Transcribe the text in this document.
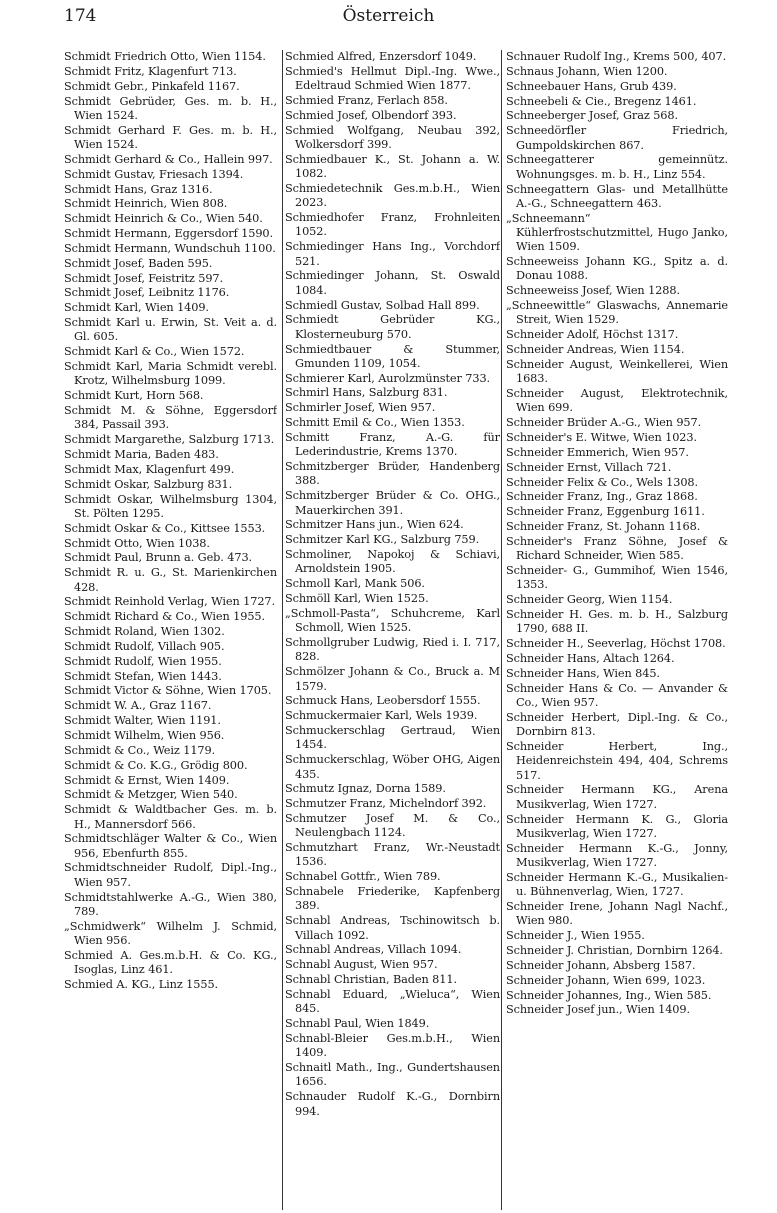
174	Österreich
Schmidt Friedrich Otto, Wien 1154.
Schmidt Fritz, Klagenfurt 713.
Schmidt Gebr., Pinkafeld 1167.
Schmidt Gebrüder, Ges. m. b. H., Wien 1524.
Schmidt Gerhard F. Ges. m. b. H., Wien 1524.
Schmidt Gerhard & Co., Hallein 997.
Schmidt Gustav, Friesach 1394.
Schmidt Hans, Graz 1316.
Schmidt Heinrich, Wien 808.
Schmidt Heinrich & Co., Wien 540.
Schmidt Hermann, Eggersdorf 1590.
Schmidt Hermann, Wundschuh 1100.
Schmidt Josef, Baden 595.
Schmidt Josef, Feistritz 597.
Schmidt Josef, Leibnitz 1176.
Schmidt Karl, Wien 1409.
Schmidt Karl u. Erwin, St. Veit a. d. Gl. 605.
Schmidt Karl & Co., Wien 1572.
Schmidt Karl, Maria Schmidt verebl. Krotz, Wilhelmsburg 1099.
Schmidt Kurt, Horn 568.
Schmidt M. & Söhne, Eggersdorf 384, Passail 393.
Schmidt Margarethe, Salzburg 1713.
Schmidt Maria, Baden 483.
Schmidt Max, Klagenfurt 499.
Schmidt Oskar, Salzburg 831.
Schmidt Oskar, Wilhelmsburg 1304, St. Pölten 1295.
Schmidt Oskar & Co., Kittsee 1553.
Schmidt Otto, Wien 1038.
Schmidt Paul, Brunn a. Geb. 473.
Schmidt R. u. G., St. Marienkirchen 428.
Schmidt Reinhold Verlag, Wien 1727.
Schmidt Richard & Co., Wien 1955.
Schmidt Roland, Wien 1302.
Schmidt Rudolf, Villach 905.
Schmidt Rudolf, Wien 1955.
Schmidt Stefan, Wien 1443.
Schmidt Victor & Söhne, Wien 1705.
Schmidt W. A., Graz 1167.
Schmidt Walter, Wien 1191.
Schmidt Wilhelm, Wien 956.
Schmidt & Co., Weiz 1179.
Schmidt & Co. K.G., Grödig 800.
Schmidt & Ernst, Wien 1409.
Schmidt & Metzger, Wien 540.
Schmidt & Waldtbacher Ges. m. b. H., Mannersdorf 566.
Schmidtschläger Walter & Co., Wien 956, Ebenfurth 855.
Schmidtschneider Rudolf, Dipl.-Ing., Wien 957.
Schmidtstahlwerke A.-G., Wien 380, 789.
„Schmidwerk“ Wilhelm J. Schmid, Wien 956.
Schmied A. Ges.m.b.H. & Co. KG., Isoglas, Linz 461.
Schmied A. KG., Linz 1555.
Schmied Alfred, Enzersdorf 1049.
Schmied's Hellmut Dipl.-Ing. Wwe., Edeltraud Schmied Wien 1877.
Schmied Franz, Ferlach 858.
Schmied Josef, Olbendorf 393.
Schmied Wolfgang, Neubau 392, Wolkersdorf 399.
Schmiedbauer K., St. Johann a. W. 1082.
Schmiedetechnik Ges.m.b.H., Wien 2023.
Schmiedhofer Franz, Frohnleiten 1052.
Schmiedinger Hans Ing., Vorchdorf 521.
Schmiedinger Johann, St. Oswald 1084.
Schmiedl Gustav, Solbad Hall 899.
Schmiedt Gebrüder KG., Klosterneuburg 570.
Schmiedtbauer & Stummer, Gmunden 1109, 1054.
Schmierer Karl, Aurolzmünster 733.
Schmirl Hans, Salzburg 831.
Schmirler Josef, Wien 957.
Schmitt Emil & Co., Wien 1353.
Schmitt Franz, A.-G. für Lederindustrie, Krems 1370.
Schmitzberger Brüder, Handenberg 388.
Schmitzberger Brüder & Co. OHG., Mauerkirchen 391.
Schmitzer Hans jun., Wien 624.
Schmitzer Karl KG., Salzburg 759.
Schmoliner, Napokoj & Schiavi, Arnoldstein 1905.
Schmoll Karl, Mank 506.
Schmöll Karl, Wien 1525.
„Schmoll-Pasta“, Schuhcreme, Karl Schmoll, Wien 1525.
Schmollgruber Ludwig, Ried i. I. 717, 828.
Schmölzer Johann & Co., Bruck a. M 1579.
Schmuck Hans, Leobersdorf 1555.
Schmuckermaier Karl, Wels 1939.
Schmuckerschlag Gertraud, Wien 1454.
Schmuckerschlag, Wöber OHG, Aigen 435.
Schmutz Ignaz, Dorna 1589.
Schmutzer Franz, Michelndorf 392.
Schmutzer Josef M. & Co., Neulengbach 1124.
Schmutzhart Franz, Wr.-Neustadt 1536.
Schnabel Gottfr., Wien 789.
Schnabele Friederike, Kapfenberg 389.
Schnabl Andreas, Tschinowitsch b. Villach 1092.
Schnabl Andreas, Villach 1094.
Schnabl August, Wien 957.
Schnabl Christian, Baden 811.
Schnabl Eduard, „Wieluca“, Wien 845.
Schnabl Paul, Wien 1849.
Schnabl-Bleier Ges.m.b.H., Wien 1409.
Schnaitl Math., Ing., Gundertshausen 1656.
Schnauder Rudolf K.-G., Dornbirn 994.
Schnauer Rudolf Ing., Krems 500, 407.
Schnaus Johann, Wien 1200.
Schneebauer Hans, Grub 439.
Schneebeli & Cie., Bregenz 1461.
Schneeberger Josef, Graz 568.
Schneedörfler Friedrich, Gumpoldskirchen 867.
Schneegatterer gemeinnütz. Wohnungsges. m. b. H., Linz 554.
Schneegattern Glas- und Metallhütte A.-G., Schneegattern 463.
„Schneemann“ Kühlerfrostschutzmittel, Hugo Janko, Wien 1509.
Schneeweiss Johann KG., Spitz a. d. Donau 1088.
Schneeweiss Josef, Wien 1288.
„Schneewittle“ Glaswachs, Annemarie Streit, Wien 1529.
Schneider Adolf, Höchst 1317.
Schneider Andreas, Wien 1154.
Schneider August, Weinkellerei, Wien 1683.
Schneider August, Elektrotechnik, Wien 699.
Schneider Brüder A.-G., Wien 957.
Schneider's E. Witwe, Wien 1023.
Schneider Emmerich, Wien 957.
Schneider Ernst, Villach 721.
Schneider Felix & Co., Wels 1308.
Schneider Franz, Ing., Graz 1868.
Schneider Franz, Eggenburg 1611.
Schneider Franz, St. Johann 1168.
Schneider's Franz Söhne, Josef & Richard Schneider, Wien 585.
Schneider- G., Gummihof, Wien 1546, 1353.
Schneider Georg, Wien 1154.
Schneider H. Ges. m. b. H., Salzburg 1790, 688 II.
Schneider H., Seeverlag, Höchst 1708.
Schneider Hans, Altach 1264.
Schneider Hans, Wien 845.
Schneider Hans & Co. — Anvander & Co., Wien 957.
Schneider Herbert, Dipl.-Ing. & Co., Dornbirn 813.
Schneider Herbert, Ing., Heidenreichstein 494, 404, Schrems 517.
Schneider Hermann KG., Arena Musikverlag, Wien 1727.
Schneider Hermann K. G., Gloria Musikverlag, Wien 1727.
Schneider Hermann K.-G., Jonny, Musikverlag, Wien 1727.
Schneider Hermann K.-G., Musikalien- u. Bühnenverlag, Wien, 1727.
Schneider Irene, Johann Nagl Nachf., Wien 980.
Schneider J., Wien 1955.
Schneider J. Christian, Dornbirn 1264.
Schneider Johann, Absberg 1587.
Schneider Johann, Wien 699, 1023.
Schneider Johannes, Ing., Wien 585.
Schneider Josef jun., Wien 1409.
